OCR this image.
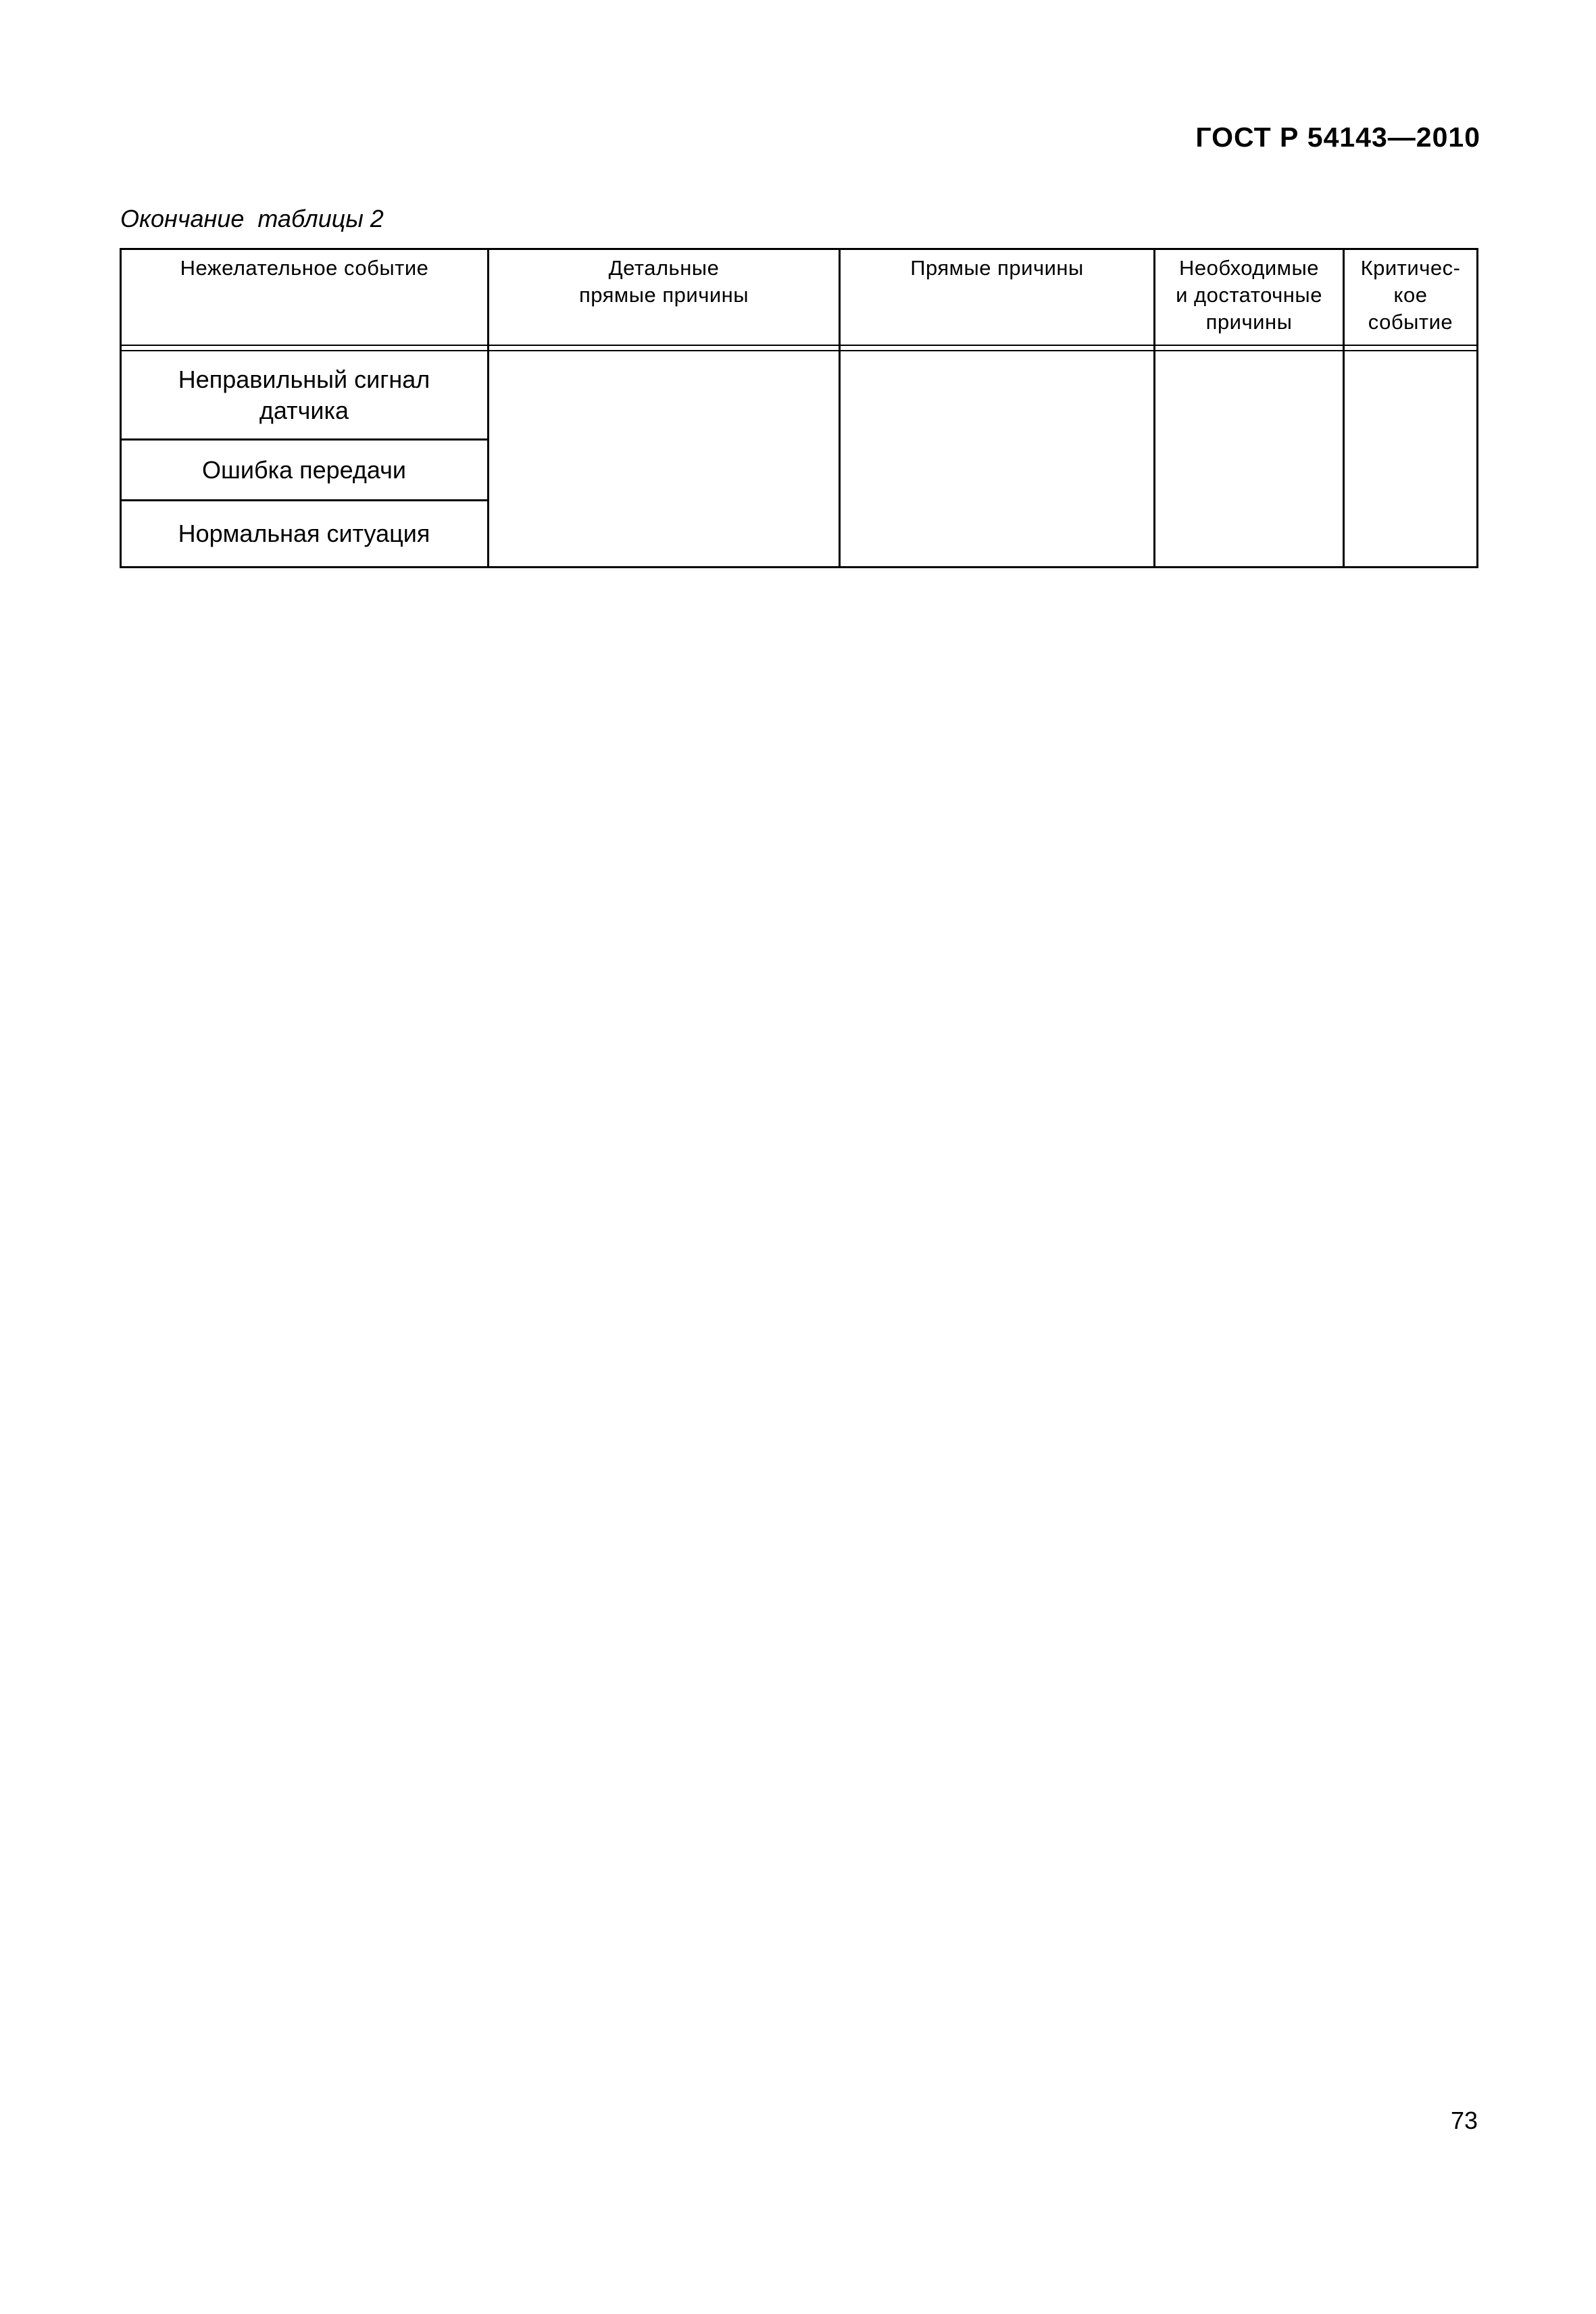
ГОСТ Р 54143—2010
Окончание  таблицы 2
Нежелательное событие	Детальные
прямые причины
Прямые причины	Необходимые
и достаточные
причины
Критичес-
кое
событие
Неправильный сигнал
датчика
Ошибка передачи
Нормальная ситуация
73
